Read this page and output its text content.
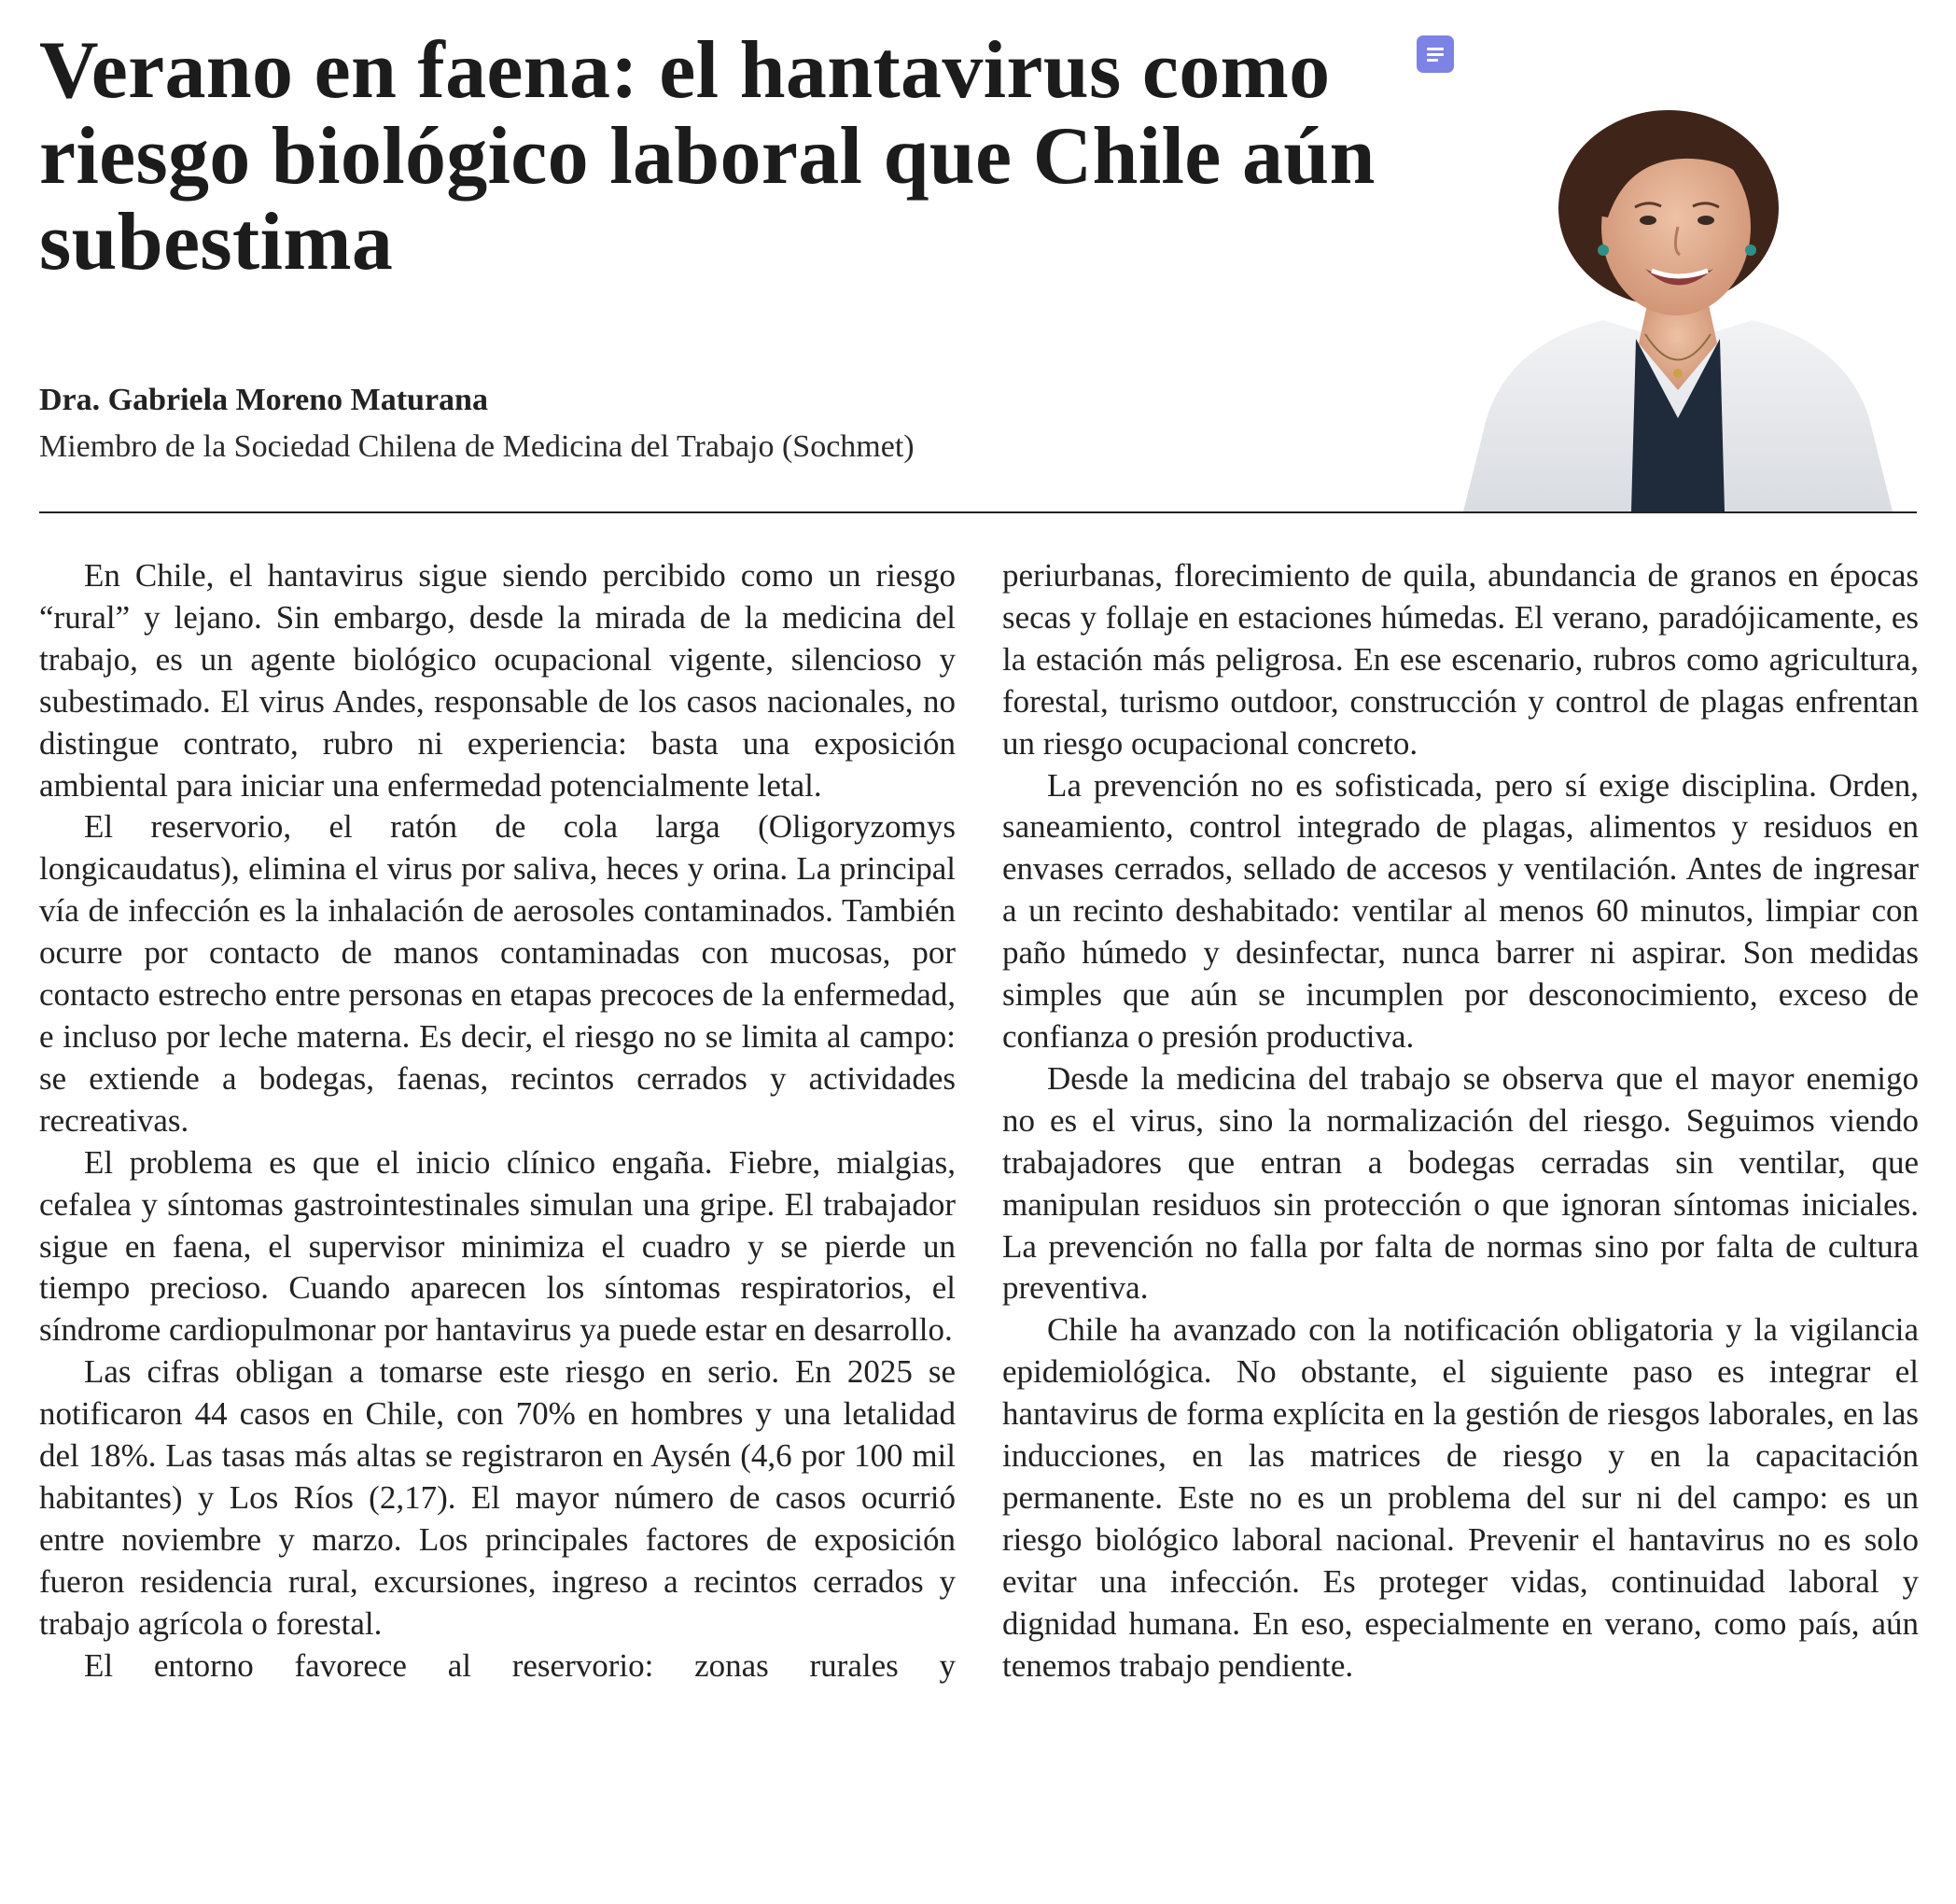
Verano en faena: el hantavirus como riesgo biológico laboral que Chile aún subestima

Dra. Gabriela Moreno Maturana

Miembro de la Sociedad Chilena de Medicina del Trabajo (Sochmet)

En Chile, el hantavirus sigue siendo percibido como un riesgo “rural” y lejano. Sin embargo, desde la mirada de la medicina del trabajo, es un agente biológico ocupacional vigente, silencioso y subestimado. El virus Andes, responsable de los casos nacionales, no distingue contrato, rubro ni experiencia: basta una exposición ambiental para iniciar una enfermedad potencialmente letal.

El reservorio, el ratón de cola larga (Oligoryzomys longicaudatus), elimina el virus por saliva, heces y orina. La principal vía de infección es la inhalación de aerosoles contaminados. También ocurre por contacto de manos contaminadas con mucosas, por contacto estrecho entre personas en etapas precoces de la enfermedad, e incluso por leche materna. Es decir, el riesgo no se limita al campo: se extiende a bodegas, faenas, recintos cerrados y actividades recreativas.

El problema es que el inicio clínico engaña. Fiebre, mialgias, cefalea y síntomas gastrointestinales simulan una gripe. El trabajador sigue en faena, el supervisor minimiza el cuadro y se pierde un tiempo precioso. Cuando aparecen los síntomas respiratorios, el síndrome cardiopulmonar por hantavirus ya puede estar en desarrollo.

Las cifras obligan a tomarse este riesgo en serio. En 2025 se notificaron 44 casos en Chile, con 70% en hombres y una letalidad del 18%. Las tasas más altas se registraron en Aysén (4,6 por 100 mil habitantes) y Los Ríos (2,17). El mayor número de casos ocurrió entre noviembre y marzo. Los principales factores de exposición fueron residencia rural, excursiones, ingreso a recintos cerrados y trabajo agrícola o forestal.

El entorno favorece al reservorio: zonas rurales y

periurbanas, florecimiento de quila, abundancia de granos en épocas secas y follaje en estaciones húmedas. El verano, paradójicamente, es la estación más peligrosa. En ese escenario, rubros como agricultura, forestal, turismo outdoor, construcción y control de plagas enfrentan un riesgo ocupacional concreto.

La prevención no es sofisticada, pero sí exige disciplina. Orden, saneamiento, control integrado de plagas, alimentos y residuos en envases cerrados, sellado de accesos y ventilación. Antes de ingresar a un recinto deshabitado: ventilar al menos 60 minutos, limpiar con paño húmedo y desinfectar, nunca barrer ni aspirar. Son medidas simples que aún se incumplen por desconocimiento, exceso de confianza o presión productiva.

Desde la medicina del trabajo se observa que el mayor enemigo no es el virus, sino la normalización del riesgo. Seguimos viendo trabajadores que entran a bodegas cerradas sin ventilar, que manipulan residuos sin protección o que ignoran síntomas iniciales. La prevención no falla por falta de normas sino por falta de cultura preventiva.

Chile ha avanzado con la notificación obligatoria y la vigilancia epidemiológica. No obstante, el siguiente paso es integrar el hantavirus de forma explícita en la gestión de riesgos laborales, en las inducciones, en las matrices de riesgo y en la capacitación permanente. Este no es un problema del sur ni del campo: es un riesgo biológico laboral nacional. Prevenir el hantavirus no es solo evitar una infección. Es proteger vidas, continuidad laboral y dignidad humana. En eso, especialmente en verano, como país, aún tenemos trabajo pendiente.
